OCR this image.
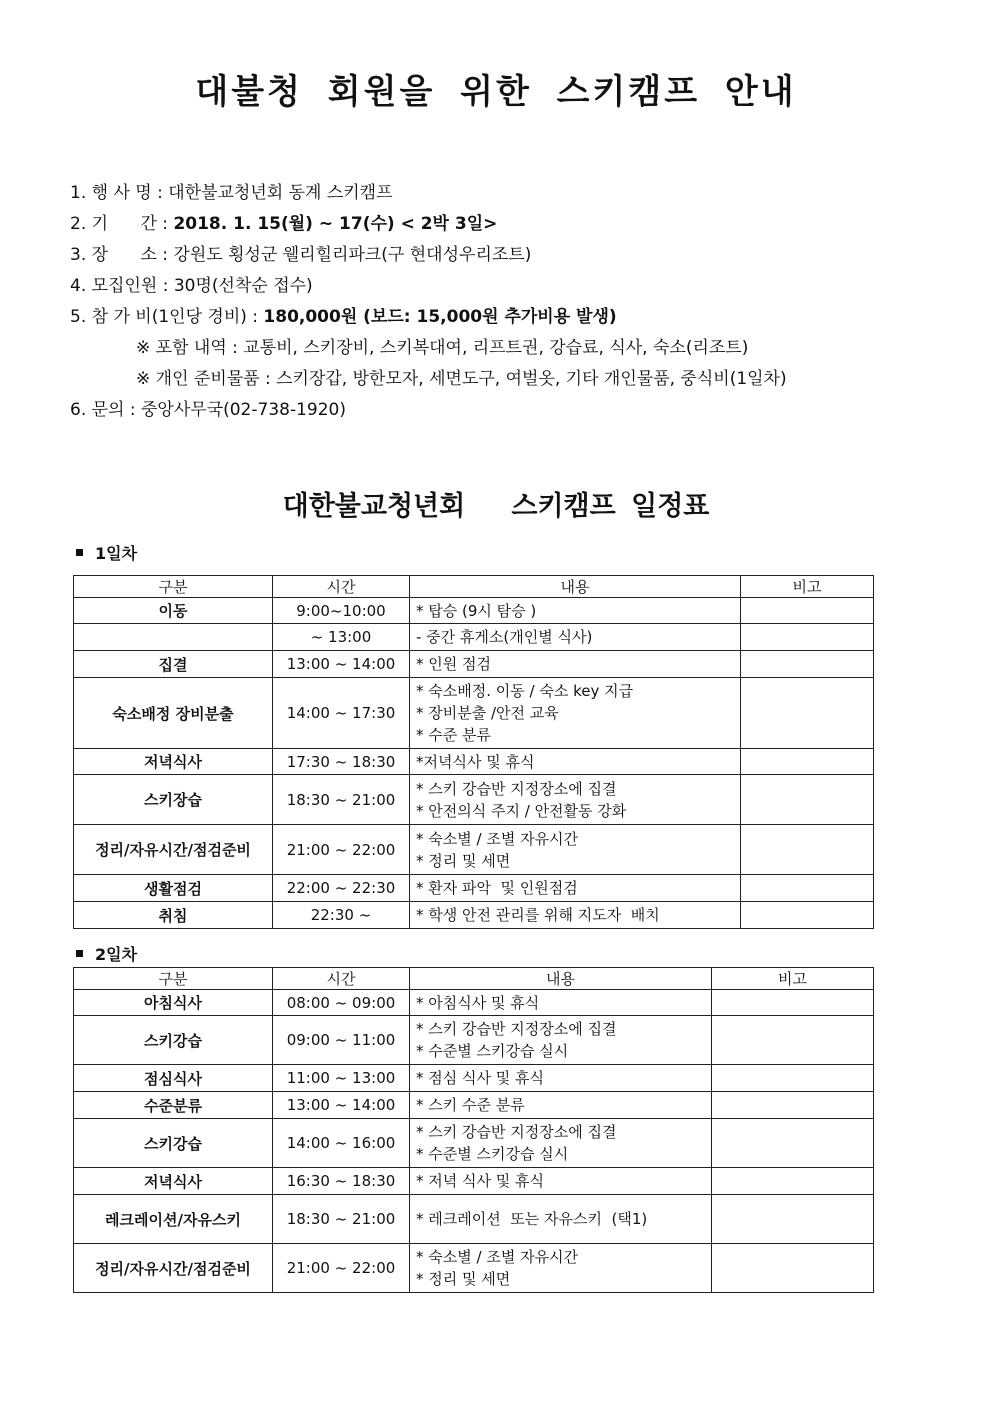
대불청 회원을 위한 스키캠프 안내
1. 행 사 명 : 대한불교청년회 동계 스키캠프
2. 기      간 : 2018. 1. 15(월) ~ 17(수) < 2박 3일>
3. 장      소 : 강원도 횡성군 웰리힐리파크(구 현대성우리조트)
4. 모집인원 : 30명(선착순 접수)
5. 참 가 비(1인당 경비) : 180,000원 (보드: 15,000원 추가비용 발생)
※ 포함 내역 : 교통비, 스키장비, 스키복대여, 리프트권, 강습료, 식사, 숙소(리조트)
※ 개인 준비물품 : 스키장갑, 방한모자, 세면도구, 여벌옷, 기타 개인물품, 중식비(1일차)
6. 문의 : 중앙사무국(02-738-1920)
대한불교청년회   스키캠프 일정표
1일차
구분	시간	내용	비고
이동	9:00~10:00	* 탑승 (9시 탐승 )	

	~ 13:00	- 중간 휴게소(개인별 식사)	

집결	13:00 ~ 14:00	* 인원 점검	

숙소배정 장비분출	14:00 ~ 17:30	* 숙소배정. 이동 / 숙소 key 지급
* 장비분출 /안전 교육
* 수준 분류	

저녁식사	17:30 ~ 18:30	*저녁식사 및 휴식	

스키장습	18:30 ~ 21:00	* 스키 강습반 지정장소에 집결
* 안전의식 주지 / 안전활동 강화	

정리/자유시간/점검준비	21:00 ~ 22:00	* 숙소별 / 조별 자유시간
* 정리 및 세면	

생활점검	22:00 ~ 22:30	* 환자 파악  및 인원점검	

취침	22:30 ~	* 학생 안전 관리를 위해 지도자  배치	

2일차
구분	시간	내용	비고
아침식사	08:00 ~ 09:00	* 아침식사 및 휴식	

스키강습	09:00 ~ 11:00	* 스키 강습반 지정장소에 집결
* 수준별 스키강습 실시	

점심식사	11:00 ~ 13:00	* 점심 식사 및 휴식	

수준분류	13:00 ~ 14:00	* 스키 수준 분류	

스키강습	14:00 ~ 16:00	* 스키 강습반 지정장소에 집결
* 수준별 스키강습 실시	

저녁식사	16:30 ~ 18:30	* 저녁 식사 및 휴식	

레크레이션/자유스키	18:30 ~ 21:00	* 레크레이션  또는 자유스키  (택1)	

정리/자유시간/점검준비	21:00 ~ 22:00	* 숙소별 / 조별 자유시간
* 정리 및 세면	
